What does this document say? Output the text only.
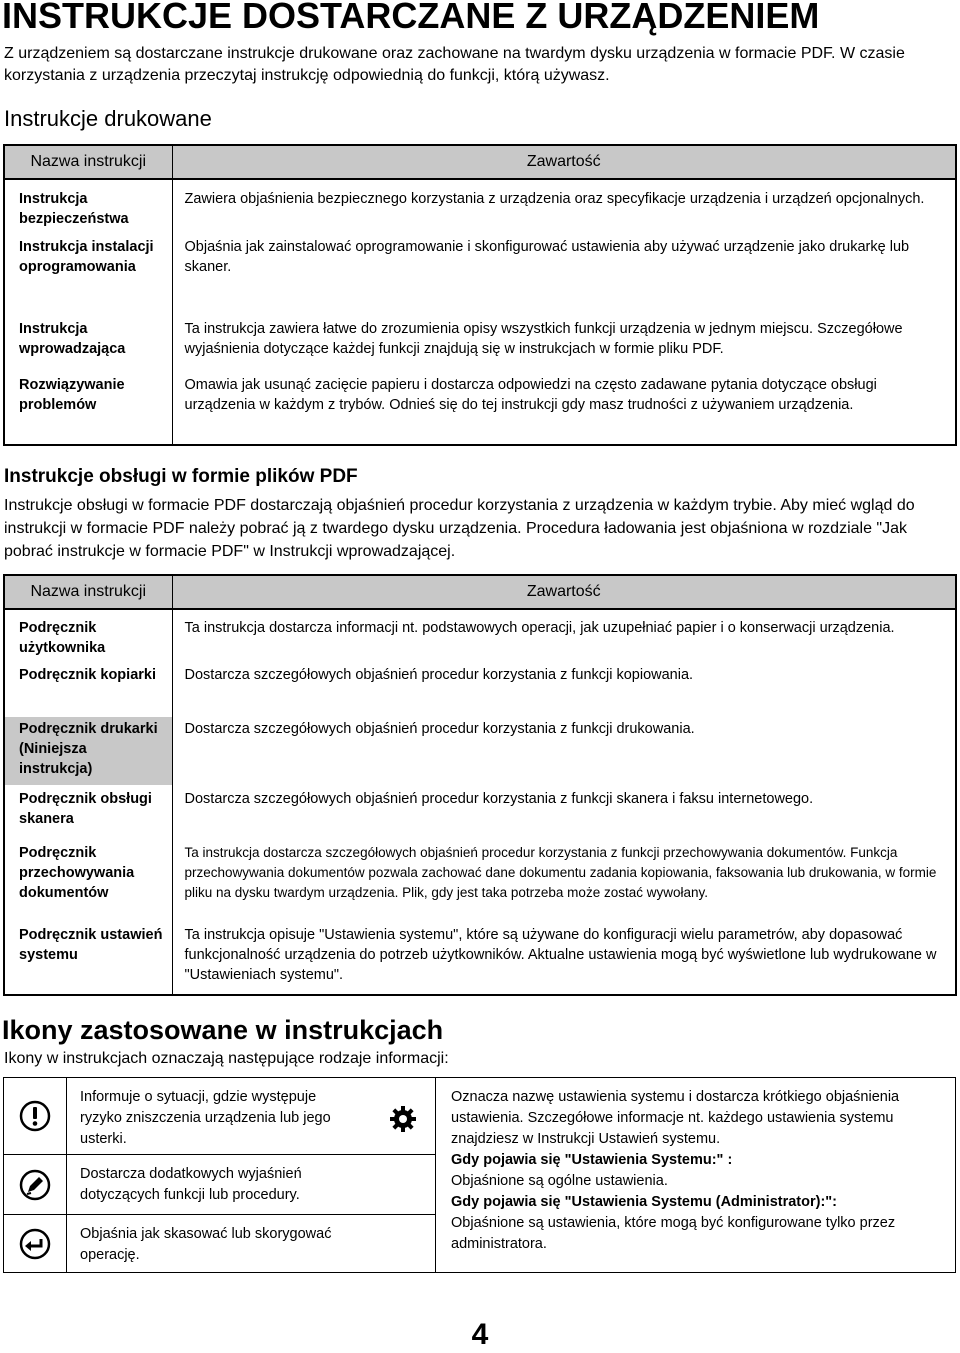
INSTRUKCJE DOSTARCZANE Z URZĄDZENIEM
Z urządzeniem są dostarczane instrukcje drukowane oraz zachowane na twardym dysku urządzenia w formacie PDF. W czasie korzystania z urządzenia przeczytaj instrukcję odpowiednią do funkcji, którą używasz.
Instrukcje drukowane
Nazwa instrukcji	Zawartość
Instrukcja bezpieczeństwa	Zawiera objaśnienia bezpiecznego korzystania z urządzenia oraz specyfikacje urządzenia i urządzeń opcjonalnych.
Instrukcja instalacji oprogramowania	Objaśnia jak zainstalować oprogramowanie i skonfigurować ustawienia aby używać urządzenie jako drukarkę lub skaner.
Instrukcja wprowadzająca	Ta instrukcja zawiera łatwe do zrozumienia opisy wszystkich funkcji urządzenia w jednym miejscu. Szczegółowe wyjaśnienia dotyczące każdej funkcji znajdują się w instrukcjach w formie pliku PDF.
Rozwiązywanie problemów	Omawia jak usunąć zacięcie papieru i dostarcza odpowiedzi na często zadawane pytania dotyczące obsługi urządzenia w każdym z trybów. Odnieś się do tej instrukcji gdy masz trudności z używaniem urządzenia.
Instrukcje obsługi w formie plików PDF
Instrukcje obsługi w formacie PDF dostarczają objaśnień procedur korzystania z urządzenia w każdym trybie. Aby mieć wgląd do instrukcji w formacie PDF należy pobrać ją z twardego dysku urządzenia. Procedura ładowania jest objaśniona w rozdziale "Jak pobrać instrukcje w formacie PDF" w Instrukcji wprowadzającej.
Nazwa instrukcji	Zawartość
Podręcznik użytkownika	Ta instrukcja dostarcza informacji nt. podstawowych operacji, jak uzupełniać papier i o konserwacji urządzenia.
Podręcznik kopiarki	Dostarcza szczegółowych objaśnień procedur korzystania z funkcji kopiowania.
Podręcznik drukarki (Niniejsza instrukcja)	Dostarcza szczegółowych objaśnień procedur korzystania z funkcji drukowania.
Podręcznik obsługi skanera	Dostarcza szczegółowych objaśnień procedur korzystania z funkcji skanera i faksu internetowego.
Podręcznik przechowywania dokumentów	Ta instrukcja dostarcza szczegółowych objaśnień procedur korzystania z funkcji przechowywania dokumentów. Funkcja przechowywania dokumentów pozwala zachować dane dokumentu zadania kopiowania, faksowania lub drukowania, w formie pliku na dysku twardym urządzenia. Plik, gdy jest taka potrzeba może zostać wywołany.
Podręcznik ustawień systemu	Ta instrukcja opisuje "Ustawienia systemu", które są używane do konfiguracji wielu parametrów, aby dopasować funkcjonalność urządzenia do potrzeb użytkowników. Aktualne ustawienia mogą być wyświetlone lub wydrukowane w "Ustawieniach systemu".
Ikony zastosowane w instrukcjach
Ikony w instrukcjach oznaczają następujące rodzaje informacji:
Informuje o sytuacji, gdzie występuje ryzyko zniszczenia urządzenia lub jego usterki.
Dostarcza dodatkowych wyjaśnień dotyczących funkcji lub procedury.
Objaśnia jak skasować lub skorygować operację.

Oznacza nazwę ustawienia systemu i dostarcza krótkiego objaśnienia ustawienia. Szczegółowe informacje nt. każdego ustawienia systemu znajdziesz w Instrukcji Ustawień systemu.

Gdy pojawia się "Ustawienia Systemu:" :

Objaśnione są ogólne ustawienia.

Gdy pojawia się "Ustawienia Systemu (Administrator):":

Objaśnione są ustawienia, które mogą być konfigurowane tylko przez administratora.

4
